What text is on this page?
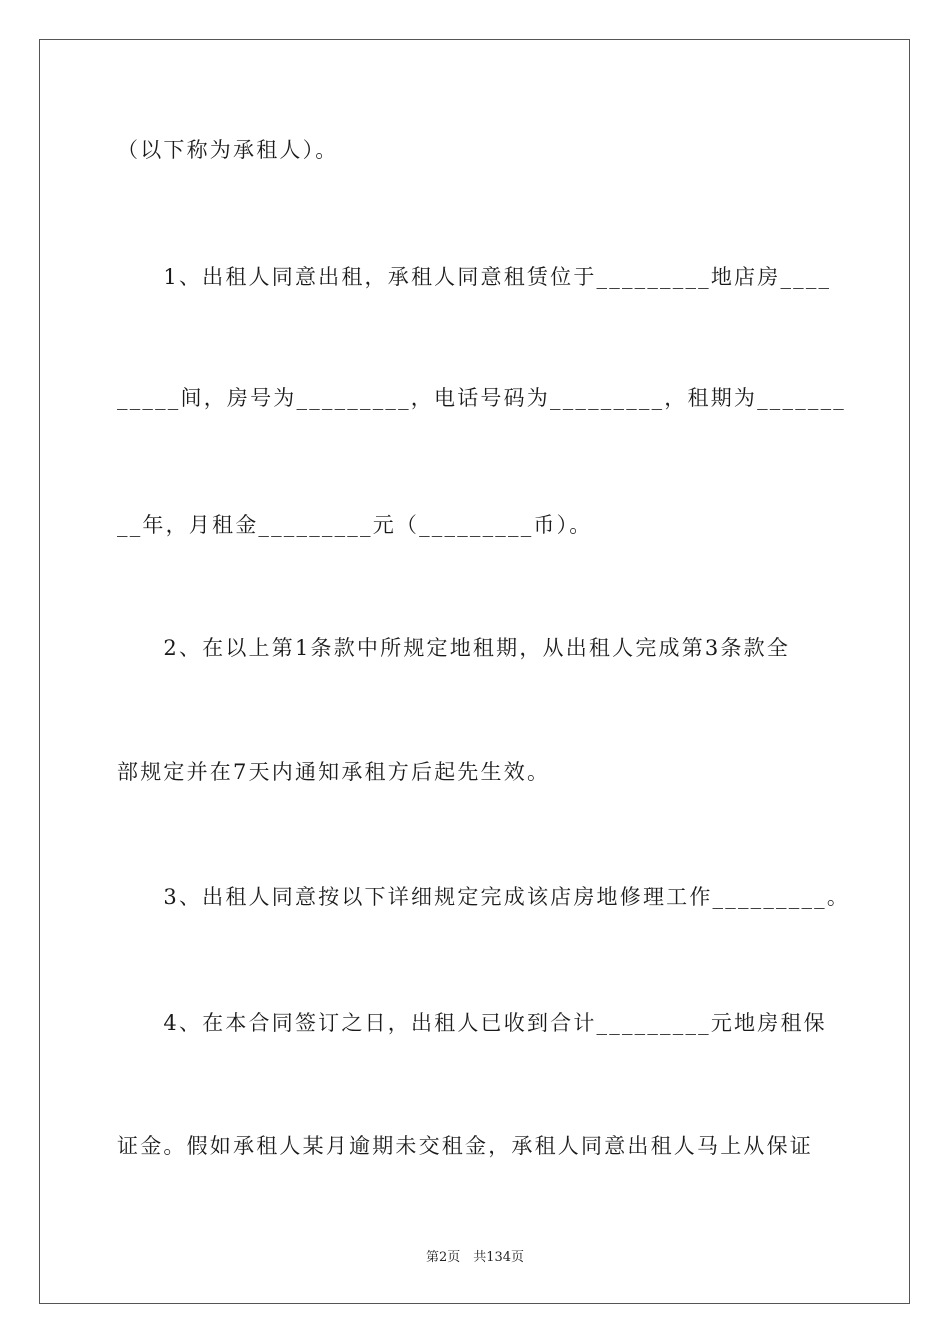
（以下称为承租人）。
　　1、出租人同意出租，承租人同意租赁位于_________地店房____
_____间，房号为_________，电话号码为_________，租期为_______
__年，月租金_________元（_________币）。
　　2、在以上第1条款中所规定地租期，从出租人完成第3条款全
部规定并在7天内通知承租方后起先生效。
　　3、出租人同意按以下详细规定完成该店房地修理工作_________。
　　4、在本合同签订之日，出租人已收到合计_________元地房租保
证金。假如承租人某月逾期未交租金，承租人同意出租人马上从保证
第2页　共134页
